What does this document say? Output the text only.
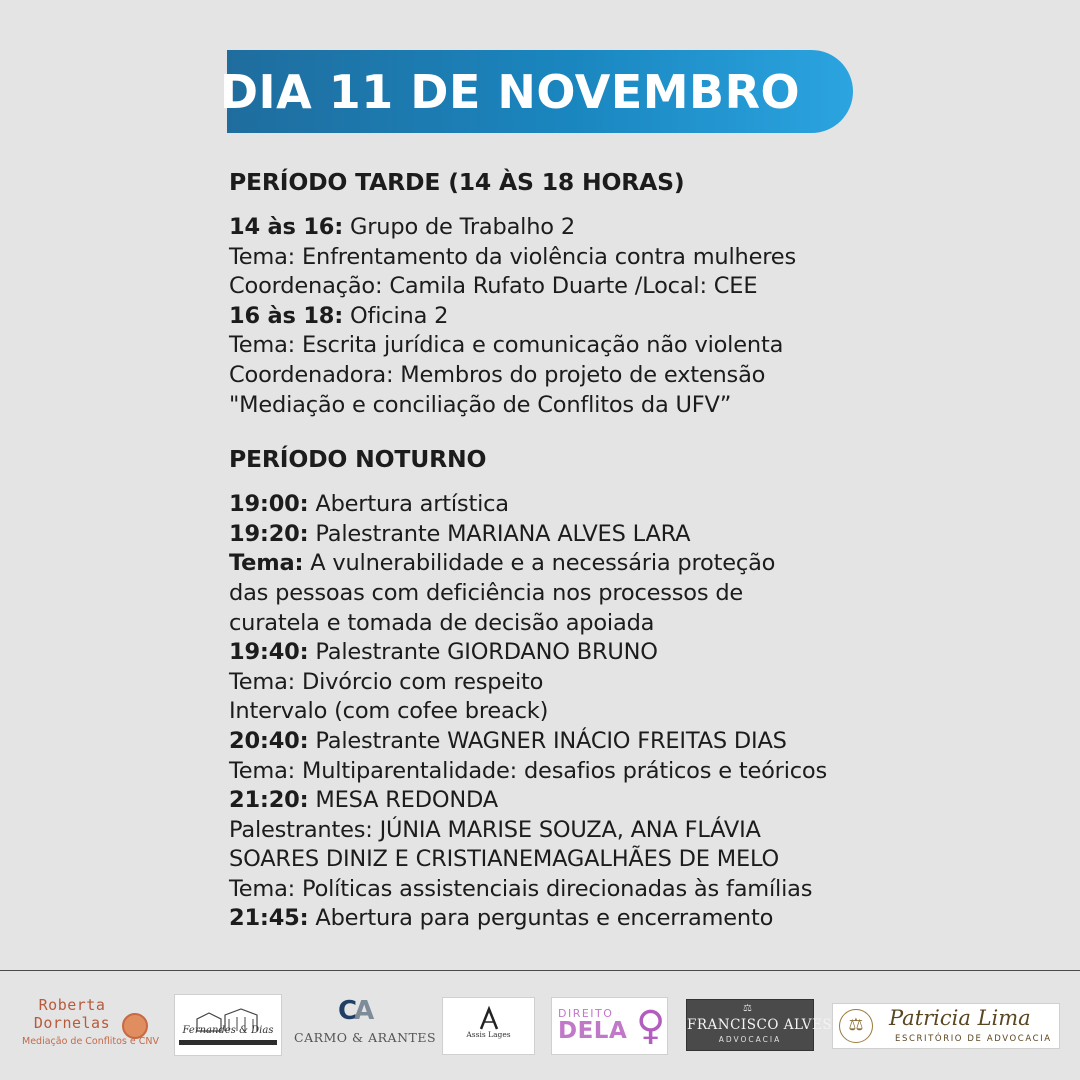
DIA 11 DE NOVEMBRO
PERÍODO TARDE (14 ÀS 18 HORAS)
14 às 16: Grupo de Trabalho 2
Tema: Enfrentamento da violência contra mulheres
Coordenação: Camila Rufato Duarte /Local: CEE
16 às 18: Oficina 2
Tema: Escrita jurídica e comunicação não violenta
Coordenadora: Membros do projeto de extensão
"Mediação e conciliação de Conflitos da UFV”
PERÍODO NOTURNO
19:00: Abertura artística
19:20: Palestrante MARIANA ALVES LARA
Tema: A vulnerabilidade e a necessária proteção
das pessoas com deficiência nos processos de
curatela e tomada de decisão apoiada
19:40: Palestrante GIORDANO BRUNO
Tema: Divórcio com respeito
Intervalo (com cofee breack)
20:40: Palestrante WAGNER INÁCIO FREITAS DIAS
Tema: Multiparentalidade: desafios práticos e teóricos
21:20: MESA REDONDA
Palestrantes: JÚNIA MARISE SOUZA, ANA FLÁVIA
SOARES DINIZ E CRISTIANEMAGALHÃES DE MELO
Tema: Políticas assistenciais direcionadas às famílias
21:45: Abertura para perguntas e encerramento
Roberta
Dornelas
Mediação de Conflitos e CNV
Fernandes & Dias
CA
CARMO & ARANTES	Assis Lages
DIREITO
DELA ♀	⚖
FRANCISCO ALVES
ADVOCACIA
⚖	Patricia Lima
ESCRITÓRIO DE ADVOCACIA
